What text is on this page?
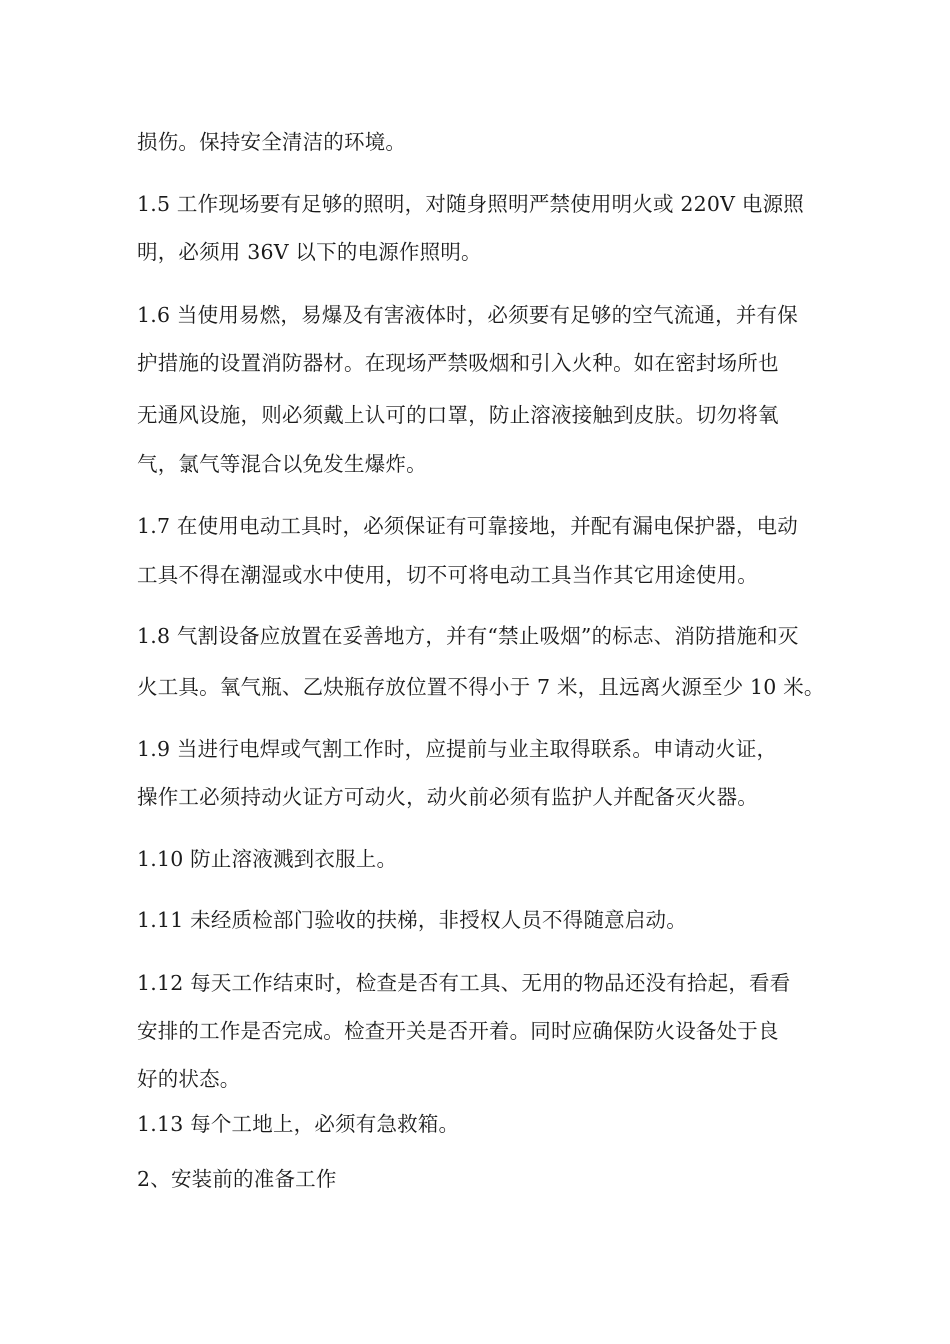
损伤。保持安全清洁的环境。
1.5 工作现场要有足够的照明，对随身照明严禁使用明火或 220V 电源照
明，必须用 36V 以下的电源作照明。
1.6 当使用易燃，易爆及有害液体时，必须要有足够的空气流通，并有保
护措施的设置消防器材。在现场严禁吸烟和引入火种。如在密封场所也
无通风设施，则必须戴上认可的口罩，防止溶液接触到皮肤。切勿将氧
气，氯气等混合以免发生爆炸。
1.7 在使用电动工具时，必须保证有可靠接地，并配有漏电保护器，电动
工具不得在潮湿或水中使用，切不可将电动工具当作其它用途使用。
1.8 气割设备应放置在妥善地方，并有“禁止吸烟”的标志、消防措施和灭
火工具。氧气瓶、乙炔瓶存放位置不得小于 7 米，且远离火源至少 10 米。
1.9 当进行电焊或气割工作时，应提前与业主取得联系。申请动火证，
操作工必须持动火证方可动火，动火前必须有监护人并配备灭火器。
1.10 防止溶液溅到衣服上。
1.11 未经质检部门验收的扶梯，非授权人员不得随意启动。
1.12 每天工作结束时，检查是否有工具、无用的物品还没有拾起，看看
安排的工作是否完成。检查开关是否开着。同时应确保防火设备处于良
好的状态。
1.13 每个工地上，必须有急救箱。
2、安装前的准备工作
